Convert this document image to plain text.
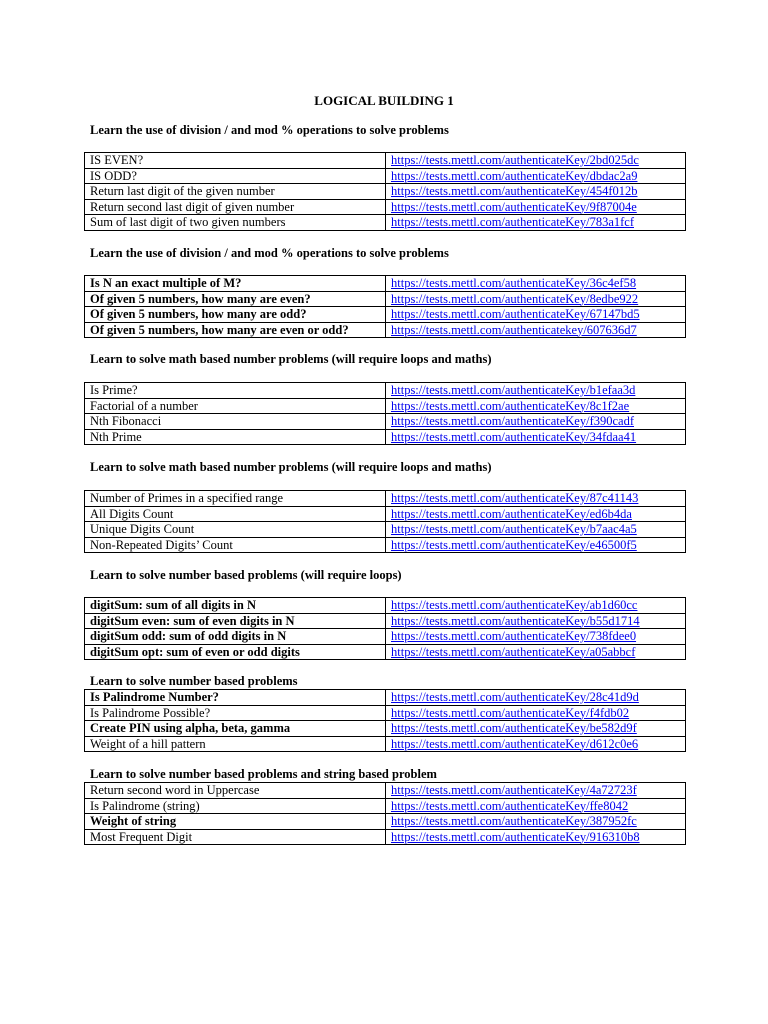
LOGICAL BUILDING 1
Learn the use of division / and mod % operations to solve problems
IS EVEN?	https://tests.mettl.com/authenticateKey/2bd025dc
IS ODD?	https://tests.mettl.com/authenticateKey/dbdac2a9
Return last digit of the given number	https://tests.mettl.com/authenticateKey/454f012b
Return second last digit of given number	https://tests.mettl.com/authenticateKey/9f87004e
Sum of last digit of two given numbers	https://tests.mettl.com/authenticateKey/783a1fcf
Learn the use of division / and mod % operations to solve problems
Is N an exact multiple of M?	https://tests.mettl.com/authenticateKey/36c4ef58
Of given 5 numbers, how many are even?	https://tests.mettl.com/authenticateKey/8edbe922
Of given 5 numbers, how many are odd?	https://tests.mettl.com/authenticateKey/67147bd5
Of given 5 numbers, how many are even or odd?	https://tests.mettl.com/authenticatekey/607636d7
Learn to solve math based number problems (will require loops and maths)
Is Prime?	https://tests.mettl.com/authenticateKey/b1efaa3d
Factorial of a number	https://tests.mettl.com/authenticateKey/8c1f2ae
Nth Fibonacci	https://tests.mettl.com/authenticateKey/f390cadf
Nth Prime	https://tests.mettl.com/authenticateKey/34fdaa41
Learn to solve math based number problems (will require loops and maths)
Number of Primes in a specified range	https://tests.mettl.com/authenticateKey/87c41143
All Digits Count	https://tests.mettl.com/authenticateKey/ed6b4da
Unique Digits Count	https://tests.mettl.com/authenticateKey/b7aac4a5
Non-Repeated Digits’ Count	https://tests.mettl.com/authenticateKey/e46500f5
Learn to solve number based problems (will require loops)
digitSum: sum of all digits in N	https://tests.mettl.com/authenticateKey/ab1d60cc
digitSum even: sum of even digits in N	https://tests.mettl.com/authenticateKey/b55d1714
digitSum odd: sum of odd digits in N	https://tests.mettl.com/authenticateKey/738fdee0
digitSum opt: sum of even or odd digits	https://tests.mettl.com/authenticateKey/a05abbcf
Learn to solve number based problems
Is Palindrome Number?	https://tests.mettl.com/authenticateKey/28c41d9d
Is Palindrome Possible?	https://tests.mettl.com/authenticateKey/f4fdb02
Create PIN using alpha, beta, gamma	https://tests.mettl.com/authenticateKey/be582d9f
Weight of a hill pattern	https://tests.mettl.com/authenticateKey/d612c0e6
Learn to solve number based problems and string based problem
Return second word in Uppercase	https://tests.mettl.com/authenticateKey/4a72723f
Is Palindrome (string)	https://tests.mettl.com/authenticateKey/ffe8042
Weight of string	https://tests.mettl.com/authenticateKey/387952fc
Most Frequent Digit	https://tests.mettl.com/authenticateKey/916310b8
